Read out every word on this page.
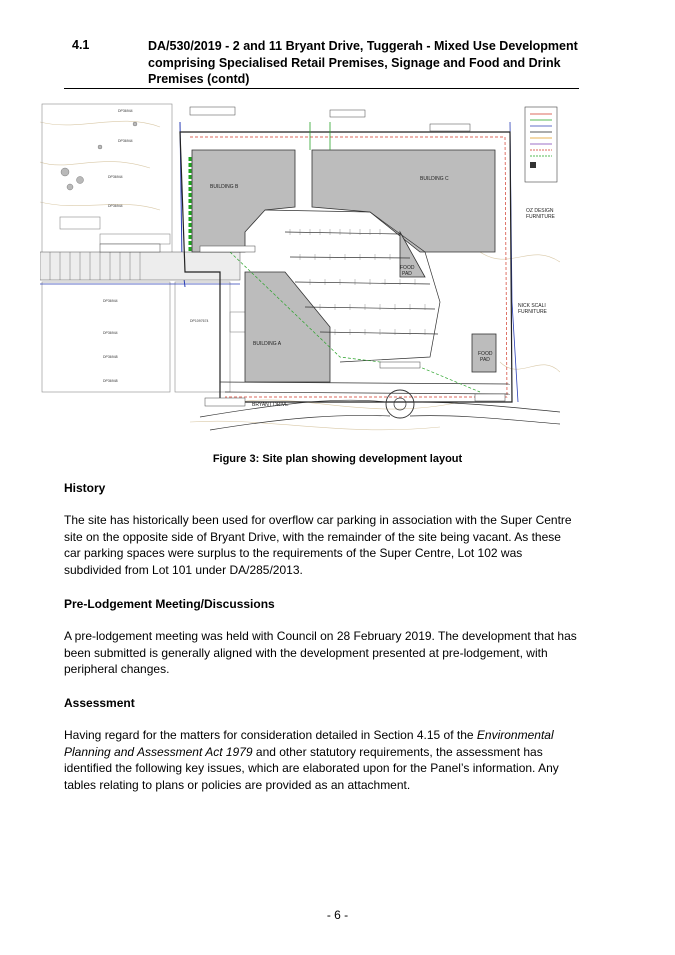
4.1	DA/530/2019 - 2 and 11 Bryant Drive, Tuggerah - Mixed Use Development comprising Specialised Retail Premises, Signage and Food and Drink Premises (contd)
DP36944
DP36944
DP36944
DP36944
DP36944
DP36944
DP36948
DP36948
DP1097674
BUILDING B
BUILDING C
BUILDING A
FOOD
PAD
FOOD
PAD
OZ DESIGN
FURNITURE
NICK SCALI
FURNITURE
BRYANT DRIVE
Figure 3: Site plan showing development layout
History
The site has historically been used for overflow car parking in association with the Super Centre site on the opposite side of Bryant Drive, with the remainder of the site being vacant. As these car parking spaces were surplus to the requirements of the Super Centre, Lot 102 was subdivided from Lot 101 under DA/285/2013.
Pre-Lodgement Meeting/Discussions
A pre-lodgement meeting was held with Council on 28 February 2019. The development that has been submitted is generally aligned with the development presented at pre-lodgement, with peripheral changes.
Assessment
Having regard for the matters for consideration detailed in Section 4.15 of the Environmental Planning and Assessment Act 1979 and other statutory requirements, the assessment has identified the following key issues, which are elaborated upon for the Panel’s information. Any tables relating to plans or policies are provided as an attachment.
- 6 -
